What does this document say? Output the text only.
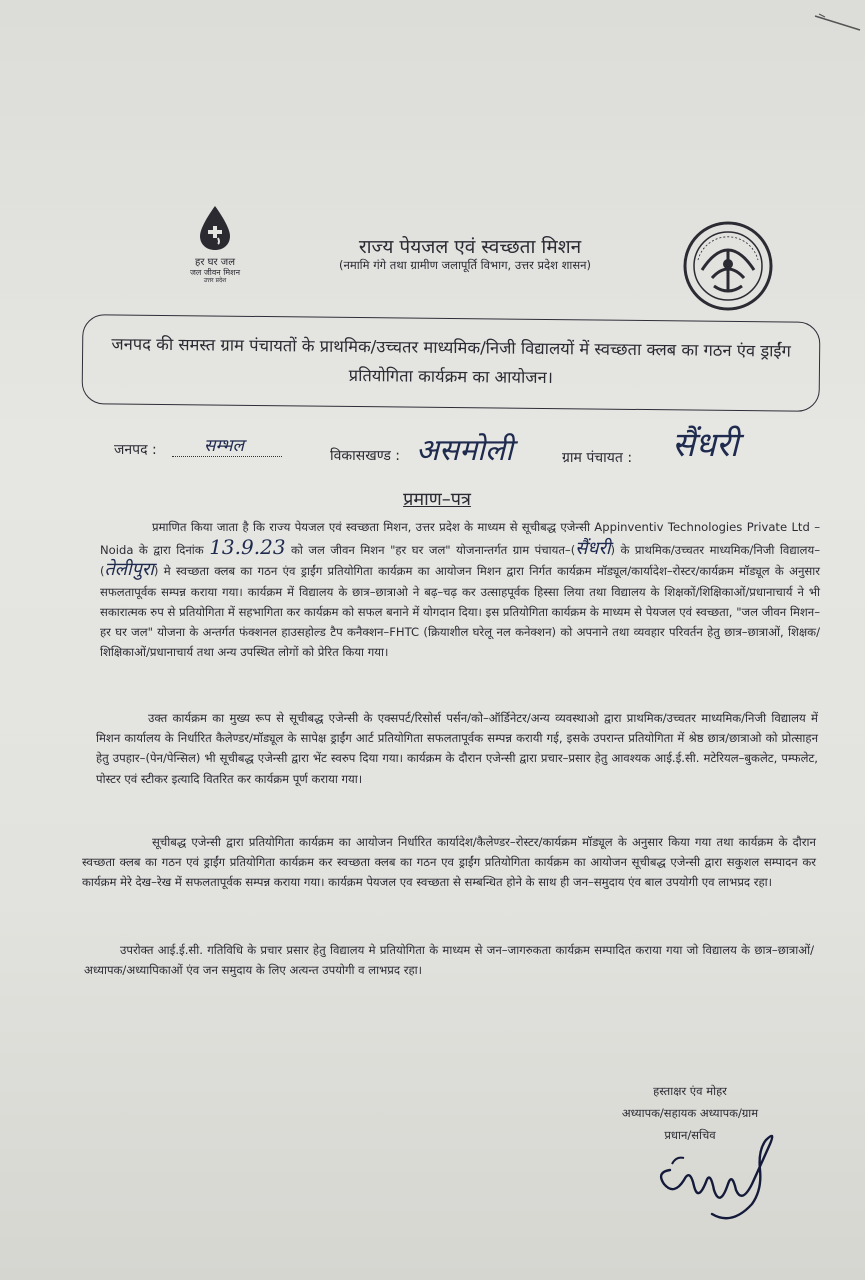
हर घर जल
जल जीवन मिशन
उत्तर प्रदेश
राज्य पेयजल एवं स्वच्छता मिशन
(नमामि गंगे तथा ग्रामीण जलापूर्ति विभाग, उत्तर प्रदेश शासन)
जनपद की समस्त ग्राम पंचायतों के प्राथमिक/उच्चतर माध्यमिक/निजी विद्यालयों में स्वच्छता क्लब का गठन एंव ड्राईंग प्रतियोगिता कार्यक्रम का आयोजन।
जनपद :	सम्भल	विकासखण्ड : असमोली	ग्राम पंचायत : सैंधरी
प्रमाण–पत्र
प्रमाणित किया जाता है कि राज्य पेयजल एवं स्वच्छता मिशन, उत्तर प्रदेश के माध्यम से सूचीबद्ध एजेन्सी Appinventiv Technologies Private Ltd – Noida के द्वारा दिनांक 13.9.23 को जल जीवन मिशन "हर घर जल" योजनान्तर्गत ग्राम पंचायत–(सैंधरी) के प्राथमिक/उच्चतर माध्यमिक/निजी विद्यालय–(तेलीपुरा) मे स्वच्छता क्लब का गठन एंव ड्राईंग प्रतियोगिता कार्यक्रम का आयोजन मिशन द्वारा निर्गत कार्यक्रम मॉड्यूल/कार्यादेश–रोस्टर/कार्यक्रम मॉड्यूल के अनुसार सफलतापूर्वक सम्पन्न कराया गया। कार्यक्रम में विद्यालय के छात्र–छात्राओ ने बढ़–चढ़ कर उत्साहपूर्वक हिस्सा लिया तथा विद्यालय के शिक्षकों/शिक्षिकाओं/प्रधानाचार्य ने भी सकारात्मक रुप से प्रतियोगिता में सहभागिता कर कार्यक्रम को सफल बनाने में योगदान दिया। इस प्रतियोगिता कार्यक्रम के माध्यम से पेयजल एवं स्वच्छता, "जल जीवन मिशन–हर घर जल" योजना के अन्तर्गत फंक्शनल हाउसहोल्ड टैप कनैक्शन–FHTC (क्रियाशील घरेलू नल कनेक्शन) को अपनाने तथा व्यवहार परिवर्तन हेतु छात्र–छात्राओं, शिक्षक/शिक्षिकाओं/प्रधानाचार्य तथा अन्य उपस्थित लोगों को प्रेरित किया गया।
उक्त कार्यक्रम का मुख्य रूप से सूचीबद्ध एजेन्सी के एक्सपर्ट/रिसोर्स पर्सन/को–ऑर्डिनेटर/अन्य व्यवस्थाओ द्वारा प्राथमिक/उच्चतर माध्यमिक/निजी विद्यालय में मिशन कार्यालय के निर्धारित कैलेण्डर/मॉड्यूल के सापेक्ष ड्राईंग आर्ट प्रतियोगिता सफलतापूर्वक सम्पन्न करायी गई, इसके उपरान्त प्रतियोगिता में श्रेष्ठ छात्र/छात्राओ को प्रोत्साहन हेतु उपहार–(पेन/पेन्सिल) भी सूचीबद्ध एजेन्सी द्वारा भेंट स्वरुप दिया गया। कार्यक्रम के दौरान एजेन्सी द्वारा प्रचार–प्रसार हेतु आवश्यक आई.ई.सी. मटेरियल–बुकलेट, पम्फलेट, पोस्टर एवं स्टीकर इत्यादि वितरित कर कार्यक्रम पूर्ण कराया गया।
सूचीबद्ध एजेन्सी द्वारा प्रतियोगिता कार्यक्रम का आयोजन निर्धारित कार्यादेश/कैलेण्डर–रोस्टर/कार्यक्रम मॉड्यूल के अनुसार किया गया तथा कार्यक्रम के दौरान स्वच्छता क्लब का गठन एवं ड्राईंग प्रतियोगिता कार्यक्रम कर स्वच्छता क्लब का गठन एव ड्राईंग प्रतियोगिता कार्यक्रम का आयोजन सूचीबद्ध एजेन्सी द्वारा सकुशल सम्पादन कर कार्यक्रम मेरे देख–रेख में सफलतापूर्वक सम्पन्न कराया गया। कार्यक्रम पेयजल एव स्वच्छता से सम्बन्धित होने के साथ ही जन–समुदाय एंव बाल उपयोगी एव लाभप्रद रहा।
उपरोक्त आई.ई.सी. गतिविधि के प्रचार प्रसार हेतु विद्यालय मे प्रतियोगिता के माध्यम से जन–जागरुकता कार्यक्रम सम्पादित कराया गया जो विद्यालय के छात्र–छात्राओं/अध्यापक/अध्यापिकाओं एंव जन समुदाय के लिए अत्यन्त उपयोगी व लाभप्रद रहा।
हस्ताक्षर एंव मोहर
अध्यापक/सहायक अध्यापक/ग्राम
प्रधान/सचिव
